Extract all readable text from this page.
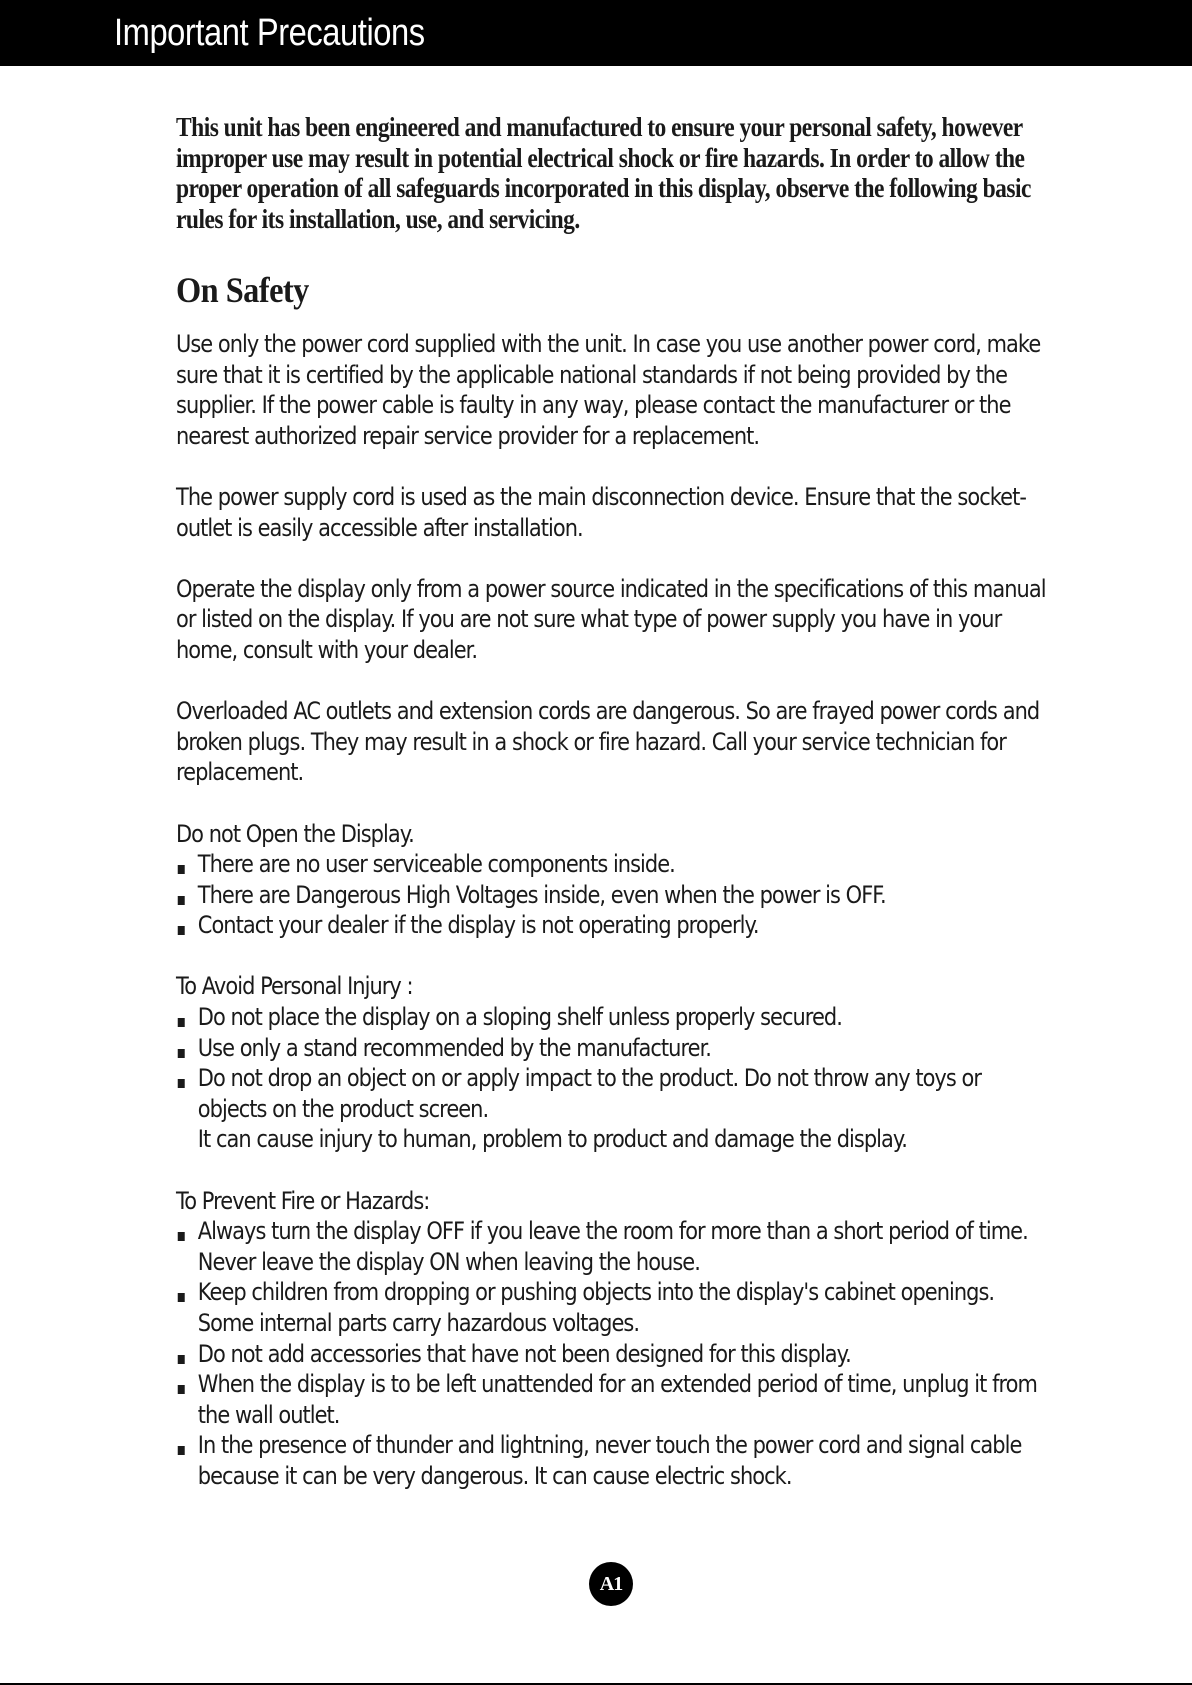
Important Precautions

This unit has been engineered and manufactured to ensure your personal safety, however improper use may result in potential electrical shock or fire hazards. In order to allow the proper operation of all safeguards incorporated in this display, observe the following basic rules for its installation, use, and servicing.

On Safety

Use only the power cord supplied with the unit. In case you use another power cord, make sure that it is certified by the applicable national standards if not being provided by the supplier. If the power cable is faulty in any way, please contact the manufacturer or the nearest authorized repair service provider for a replacement.

The power supply cord is used as the main disconnection device. Ensure that the socket-outlet is easily accessible after installation.

Operate the display only from a power source indicated in the specifications of this manual or listed on the display. If you are not sure what type of power supply you have in your home, consult with your dealer.

Overloaded AC outlets and extension cords are dangerous. So are frayed power cords and broken plugs. They may result in a shock or fire hazard. Call your service technician for replacement.

Do not Open the Display.
There are no user serviceable components inside.
There are Dangerous High Voltages inside, even when the power is OFF.
Contact your dealer if the display is not operating properly.
To Avoid Personal Injury :
Do not place the display on a sloping shelf unless properly secured.
Use only a stand recommended by the manufacturer.
Do not drop an object on or apply impact to the product. Do not throw any toys or objects on the product screen.
It can cause injury to human, problem to product and damage the display.
To Prevent Fire or Hazards:
Always turn the display OFF if you leave the room for more than a short period of time. Never leave the display ON when leaving the house.
Keep children from dropping or pushing objects into the display's cabinet openings. Some internal parts carry hazardous voltages.
Do not add accessories that have not been designed for this display.
When the display is to be left unattended for an extended period of time, unplug it from the wall outlet.
In the presence of thunder and lightning, never touch the power cord and signal cable because it can be very dangerous. It can cause electric shock.
A1
